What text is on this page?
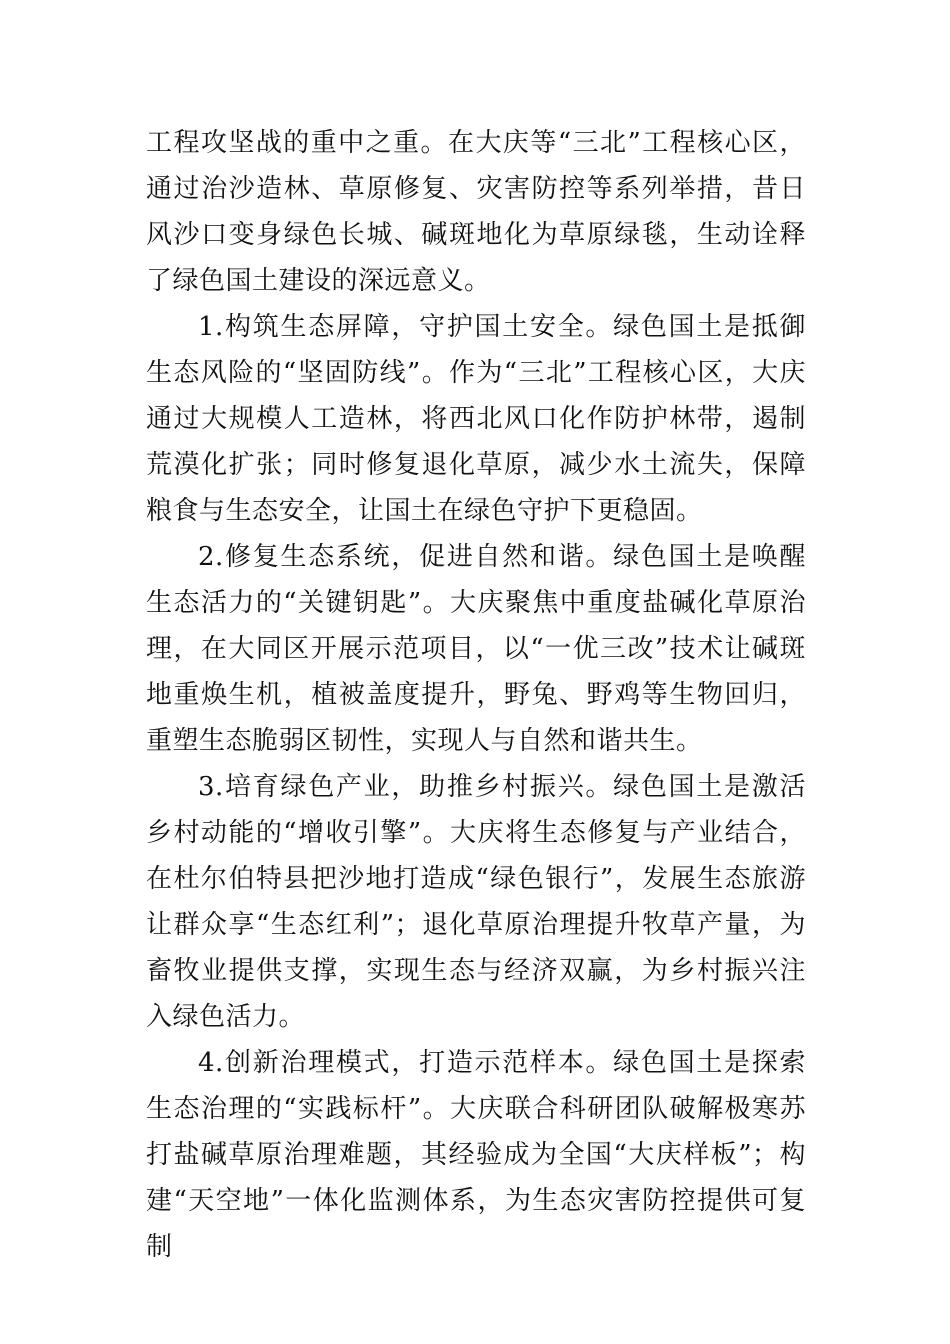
工程攻坚战的重中之重。在大庆等“三北”工程核心区，通过治沙造林、草原修复、灾害防控等系列举措，昔日风沙口变身绿色长城、碱斑地化为草原绿毯，生动诠释了绿色国土建设的深远意义。

1.构筑生态屏障，守护国土安全。绿色国土是抵御生态风险的“坚固防线”。作为“三北”工程核心区，大庆通过大规模人工造林，将西北风口化作防护林带，遏制荒漠化扩张；同时修复退化草原，减少水土流失，保障粮食与生态安全，让国土在绿色守护下更稳固。

2.修复生态系统，促进自然和谐。绿色国土是唤醒生态活力的“关键钥匙”。大庆聚焦中重度盐碱化草原治理，在大同区开展示范项目，以“一优三改”技术让碱斑地重焕生机，植被盖度提升，野兔、野鸡等生物回归，重塑生态脆弱区韧性，实现人与自然和谐共生。

3.培育绿色产业，助推乡村振兴。绿色国土是激活乡村动能的“增收引擎”。大庆将生态修复与产业结合，在杜尔伯特县把沙地打造成“绿色银行”，发展生态旅游让群众享“生态红利”；退化草原治理提升牧草产量，为畜牧业提供支撑，实现生态与经济双赢，为乡村振兴注入绿色活力。

4.创新治理模式，打造示范样本。绿色国土是探索生态治理的“实践标杆”。大庆联合科研团队破解极寒苏打盐碱草原治理难题，其经验成为全国“大庆样板”；构建“天空地”一体化监测体系，为生态灾害防控提供可复制
